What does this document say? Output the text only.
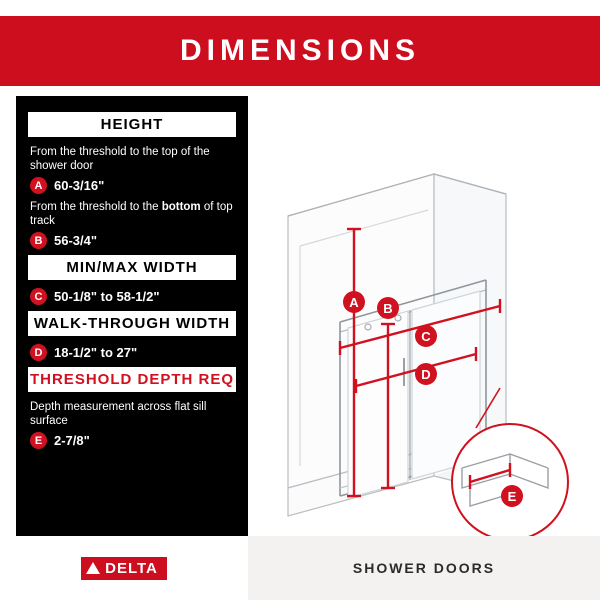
DIMENSIONS
HEIGHT
From the threshold to the top of the shower door
A 60-3/16"
From the threshold to the bottom of top track
B 56-3/4"
MIN/MAX WIDTH
C 50-1/8" to 58-1/2"
WALK-THROUGH WIDTH
D 18-1/2" to 27"
THRESHOLD DEPTH REQ
Depth measurement across flat sill surface
E 2-7/8"
A B
C
D
E
DELTA	SHOWER DOORS
